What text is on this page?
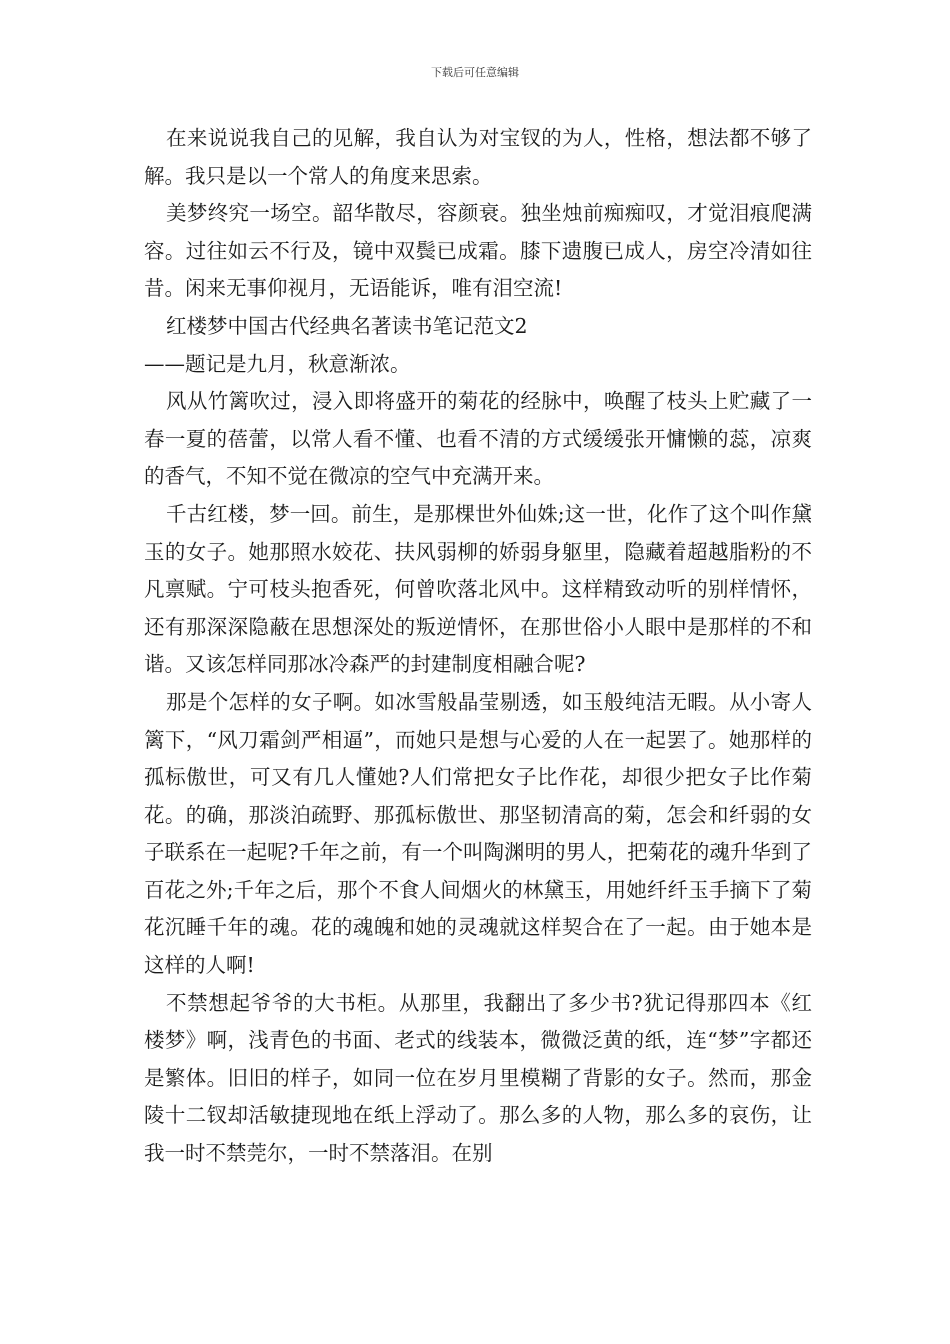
下载后可任意编辑

在来说说我自己的见解，我自认为对宝钗的为人，性格，想法都不够了解。我只是以一个常人的角度来思索。

美梦终究一场空。韶华散尽，容颜衰。独坐烛前痴痴叹，才觉泪痕爬满容。过往如云不行及，镜中双鬓已成霜。膝下遗腹已成人，房空冷清如往昔。闲来无事仰视月，无语能诉，唯有泪空流!

红楼梦中国古代经典名著读书笔记范文2

——题记是九月，秋意渐浓。

风从竹篱吹过，浸入即将盛开的菊花的经脉中，唤醒了枝头上贮藏了一春一夏的蓓蕾，以常人看不懂、也看不清的方式缓缓张开慵懒的蕊，凉爽的香气，不知不觉在微凉的空气中充满开来。

千古红楼，梦一回。前生，是那棵世外仙姝;这一世，化作了这个叫作黛玉的女子。她那照水姣花、扶风弱柳的娇弱身躯里，隐藏着超越脂粉的不凡禀赋。宁可枝头抱香死，何曾吹落北风中。这样精致动听的别样情怀，还有那深深隐蔽在思想深处的叛逆情怀，在那世俗小人眼中是那样的不和谐。又该怎样同那冰冷森严的封建制度相融合呢?

那是个怎样的女子啊。如冰雪般晶莹剔透，如玉般纯洁无暇。从小寄人篱下，“风刀霜剑严相逼”，而她只是想与心爱的人在一起罢了。她那样的孤标傲世，可又有几人懂她?人们常把女子比作花，却很少把女子比作菊花。的确，那淡泊疏野、那孤标傲世、那坚韧清高的菊，怎会和纤弱的女子联系在一起呢?千年之前，有一个叫陶渊明的男人，把菊花的魂升华到了百花之外;千年之后，那个不食人间烟火的林黛玉，用她纤纤玉手摘下了菊花沉睡千年的魂。花的魂魄和她的灵魂就这样契合在了一起。由于她本是这样的人啊!

不禁想起爷爷的大书柜。从那里，我翻出了多少书?犹记得那四本《红楼梦》啊，浅青色的书面、老式的线装本，微微泛黄的纸，连“梦”字都还是繁体。旧旧的样子，如同一位在岁月里模糊了背影的女子。然而，那金陵十二钗却活敏捷现地在纸上浮动了。那么多的人物，那么多的哀伤，让我一时不禁莞尔，一时不禁落泪。在别
